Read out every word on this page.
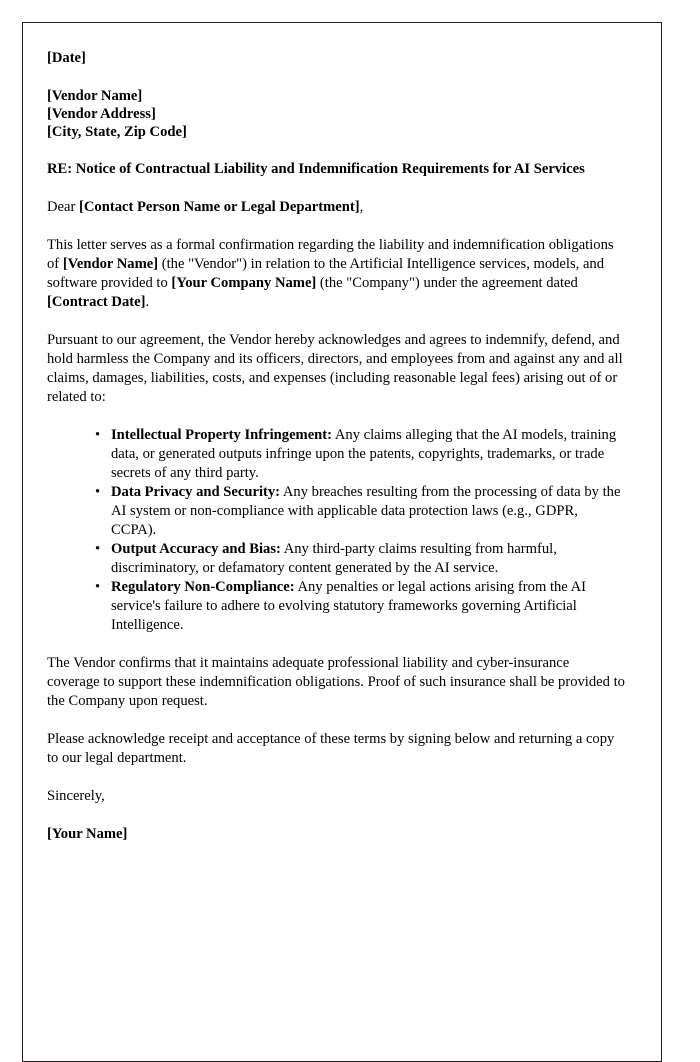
[Date]
[Vendor Name]
[Vendor Address]
[City, State, Zip Code]
RE: Notice of Contractual Liability and Indemnification Requirements for AI Services
Dear [Contact Person Name or Legal Department],
This letter serves as a formal confirmation regarding the liability and indemnification obligations of [Vendor Name] (the "Vendor") in relation to the Artificial Intelligence services, models, and software provided to [Your Company Name] (the "Company") under the agreement dated [Contract Date].
Pursuant to our agreement, the Vendor hereby acknowledges and agrees to indemnify, defend, and hold harmless the Company and its officers, directors, and employees from and against any and all claims, damages, liabilities, costs, and expenses (including reasonable legal fees) arising out of or related to:
• Intellectual Property Infringement: Any claims alleging that the AI models, training data, or generated outputs infringe upon the patents, copyrights, trademarks, or trade secrets of any third party.
• Data Privacy and Security: Any breaches resulting from the processing of data by the AI system or non-compliance with applicable data protection laws (e.g., GDPR, CCPA).
• Output Accuracy and Bias: Any third-party claims resulting from harmful, discriminatory, or defamatory content generated by the AI service.
• Regulatory Non-Compliance: Any penalties or legal actions arising from the AI service's failure to adhere to evolving statutory frameworks governing Artificial Intelligence.
The Vendor confirms that it maintains adequate professional liability and cyber-insurance coverage to support these indemnification obligations. Proof of such insurance shall be provided to the Company upon request.
Please acknowledge receipt and acceptance of these terms by signing below and returning a copy to our legal department.
Sincerely,
[Your Name]
